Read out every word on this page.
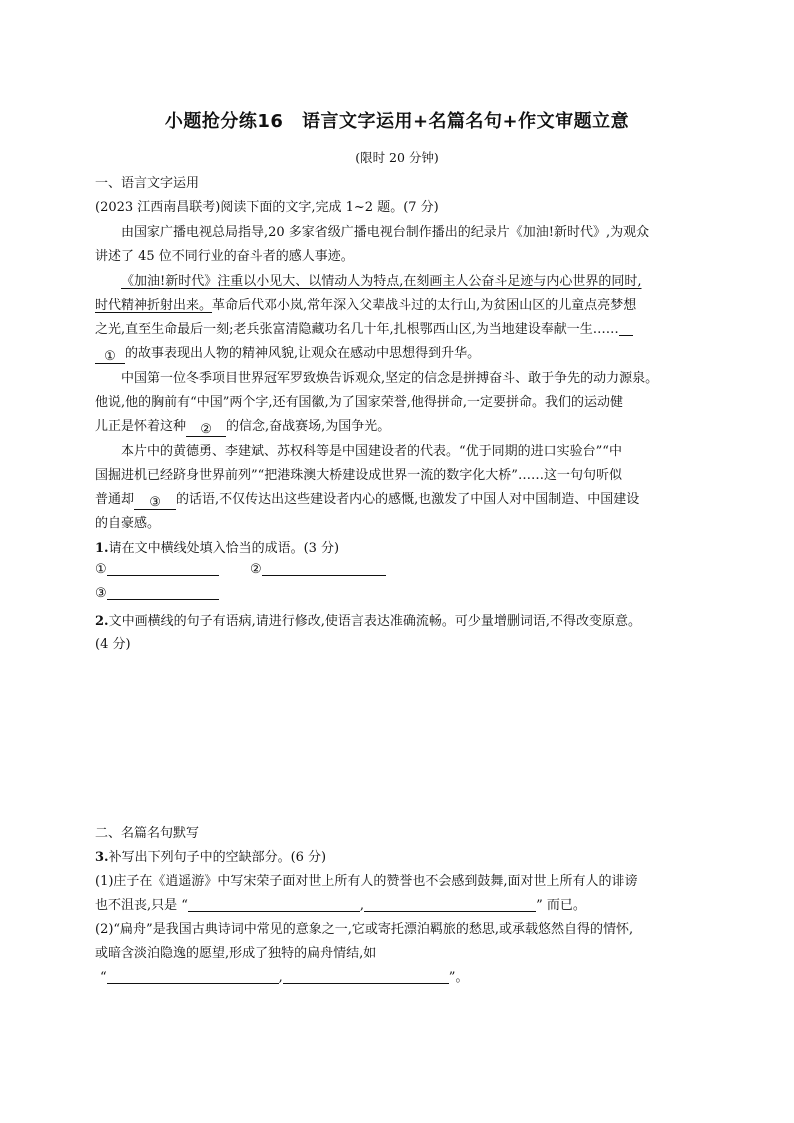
小题抢分练16　语言文字运用+名篇名句+作文审题立意
(限时 20 分钟)
一、语言文字运用
(2023 江西南昌联考)阅读下面的文字,完成 1~2 题。(7 分)
由国家广播电视总局指导,20 多家省级广播电视台制作播出的纪录片《加油!新时代》,为观众
讲述了 45 位不同行业的奋斗者的感人事迹。
《加油!新时代》注重以小见大、以情动人为特点,在刻画主人公奋斗足迹与内心世界的同时,
时代精神折射出来。革命后代邓小岚,常年深入父辈战斗过的太行山,为贫困山区的儿童点亮梦想
之光,直至生命最后一刻;老兵张富清隐藏功名几十年,扎根鄂西山区,为当地建设奉献一生……
① 的故事表现出人物的精神风貌,让观众在感动中思想得到升华。
中国第一位冬季项目世界冠军罗致焕告诉观众,坚定的信念是拼搏奋斗、敢于争先的动力源泉。
他说,他的胸前有“中国”两个字,还有国徽,为了国家荣誉,他得拼命,一定要拼命。我们的运动健
儿正是怀着这种 ② 的信念,奋战赛场,为国争光。
本片中的黄德勇、李建斌、苏权科等是中国建设者的代表。“优于同期的进口实验台”“中
国掘进机已经跻身世界前列”“把港珠澳大桥建设成世界一流的数字化大桥”……这一句句听似
普通却 ③ 的话语,不仅传达出这些建设者内心的感慨,也激发了中国人对中国制造、中国建设
的自豪感。
1.请在文中横线处填入恰当的成语。(3 分)
①	②
③
2.文中画横线的句子有语病,请进行修改,使语言表达准确流畅。可少量增删词语,不得改变原意。
(4 分)
二、名篇名句默写
3.补写出下列句子中的空缺部分。(6 分)
(1)庄子在《逍遥游》中写宋荣子面对世上所有人的赞誉也不会感到鼓舞,面对世上所有人的诽谤
也不沮丧,只是 “	,	” 而已。
(2)“扁舟”是我国古典诗词中常见的意象之一,它或寄托漂泊羁旅的愁思,或承载悠然自得的情怀,
或暗含淡泊隐逸的愿望,形成了独特的扁舟情结,如
“	,	”。
